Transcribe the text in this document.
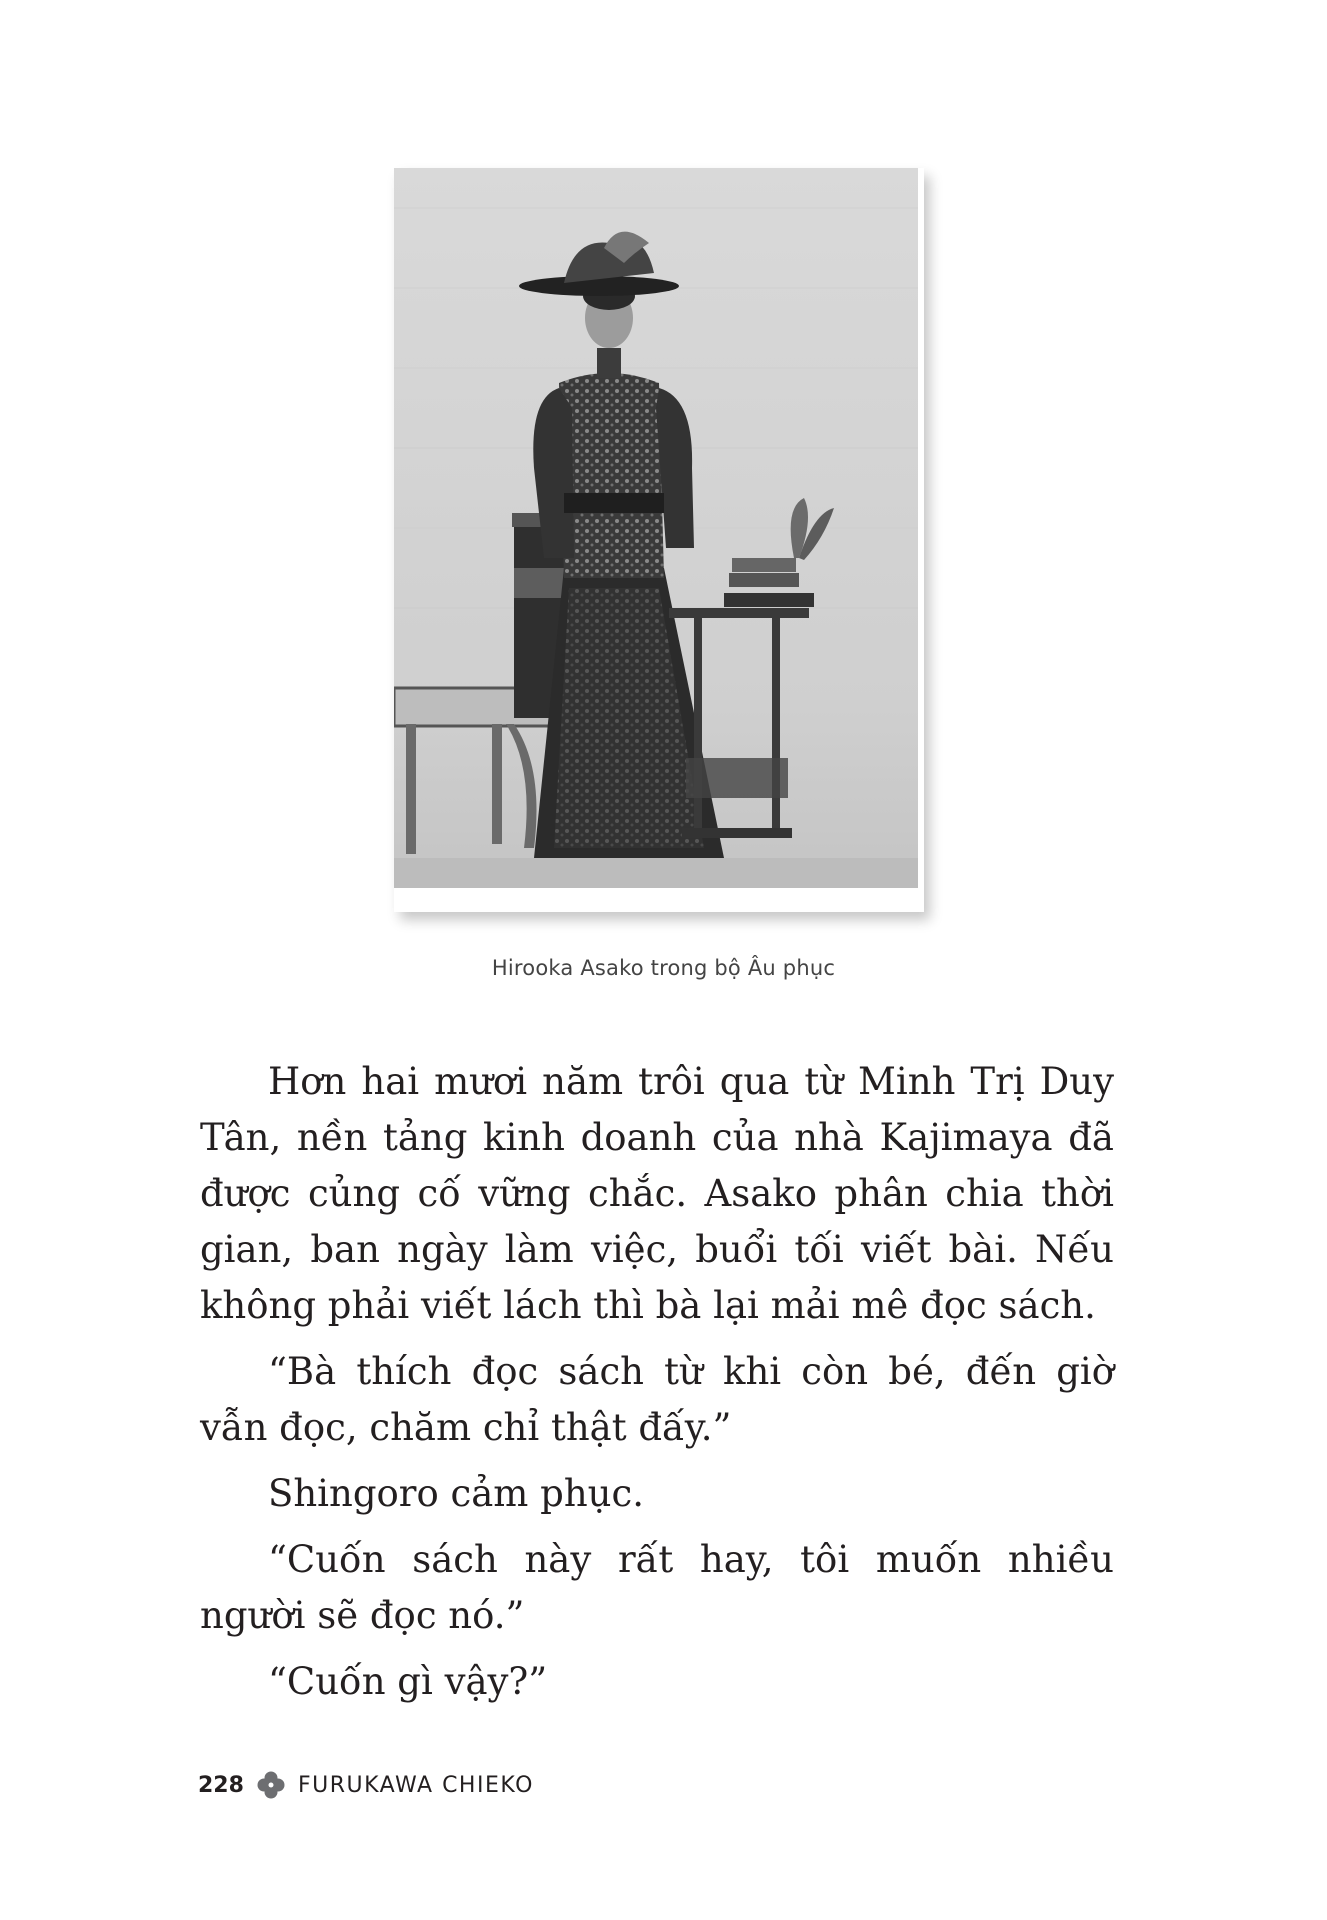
Hirooka Asako trong bộ Âu phục

Hơn hai mươi năm trôi qua từ Minh Trị Duy Tân, nền tảng kinh doanh của nhà Kajimaya đã được củng cố vững chắc. Asako phân chia thời gian, ban ngày làm việc, buổi tối viết bài. Nếu không phải viết lách thì bà lại mải mê đọc sách.

“Bà thích đọc sách từ khi còn bé, đến giờ vẫn đọc, chăm chỉ thật đấy.”

Shingoro cảm phục.

“Cuốn sách này rất hay, tôi muốn nhiều người sẽ đọc nó.”

“Cuốn gì vậy?”

228 FURUKAWA CHIEKO
